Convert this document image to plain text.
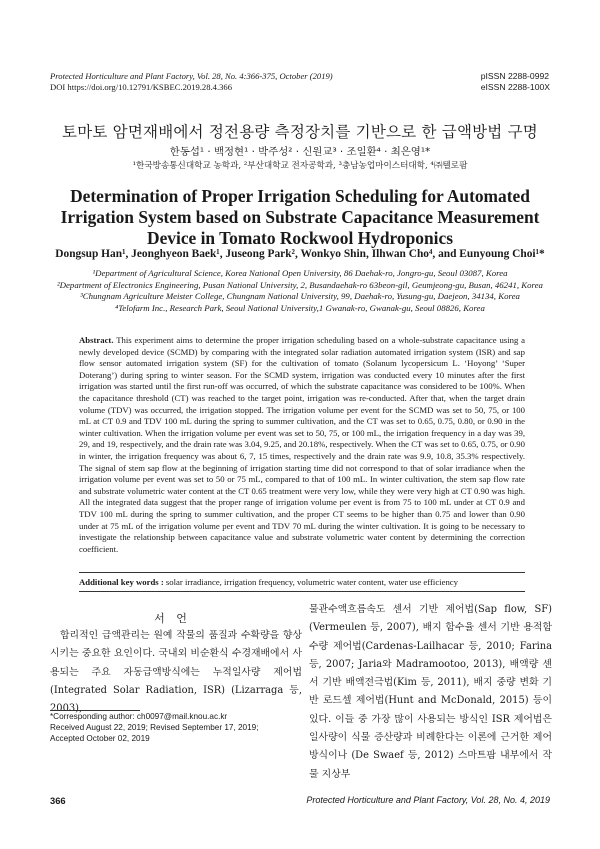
Protected Horticulture and Plant Factory, Vol. 28, No. 4:366-375, October (2019)
DOI https://doi.org/10.12791/KSBEC.2019.28.4.366
pISSN 2288-0992
eISSN 2288-100X
토마토 암면재배에서 정전용량 측정장치를 기반으로 한 급액방법 구명
한동섭¹ · 백정현¹ · 박주성² · 신원교³ · 조일환⁴ · 최은영¹*
¹한국방송통신대학교 농학과, ²부산대학교 전자공학과, ³충남농업마이스터대학, ⁴㈜텔로팜
Determination of Proper Irrigation Scheduling for Automated Irrigation System based on Substrate Capacitance Measurement Device in Tomato Rockwool Hydroponics
Dongsup Han¹, Jeonghyeon Baek¹, Juseong Park², Wonkyo Shin, Ilhwan Cho⁴, and Eunyoung Choi¹*
¹Department of Agricultural Science, Korea National Open University, 86 Daehak-ro, Jongro-gu, Seoul 03087, Korea
²Department of Electronics Engineering, Pusan National University, 2, Busandaehak-ro 63beon-gil, Geumjeong-gu, Busan, 46241, Korea
³Chungnam Agriculture Meister College, Chungnam National University, 99, Daehak-ro, Yusung-gu, Daejeon, 34134, Korea
⁴Telofarm Inc., Research Park, Seoul National University,1 Gwanak-ro, Gwanak-gu, Seoul 08826, Korea
Abstract. This experiment aims to determine the proper irrigation scheduling based on a whole-substrate capacitance using a newly developed device (SCMD) by comparing with the integrated solar radiation automated irrigation system (ISR) and sap flow sensor automated irrigation system (SF) for the cultivation of tomato (Solanum lycopersicum L. ‘Hoyong’ ‘Super Doterang’) during spring to winter season. For the SCMD system, irrigation was conducted every 10 minutes after the first irrigation was started until the first run-off was occurred, of which the substrate capacitance was considered to be 100%. When the capacitance threshold (CT) was reached to the target point, irrigation was re-conducted. After that, when the target drain volume (TDV) was occurred, the irrigation stopped. The irrigation volume per event for the SCMD was set to 50, 75, or 100 mL at CT 0.9 and TDV 100 mL during the spring to summer cultivation, and the CT was set to 0.65, 0.75, 0.80, or 0.90 in the winter cultivation. When the irrigation volume per event was set to 50, 75, or 100 mL, the irrigation frequency in a day was 39, 29, and 19, respectively, and the drain rate was 3.04, 9.25, and 20.18%, respectively. When the CT was set to 0.65, 0.75, or 0.90 in winter, the irrigation frequency was about 6, 7, 15 times, respectively and the drain rate was 9.9, 10.8, 35.3% respectively. The signal of stem sap flow at the beginning of irrigation starting time did not correspond to that of solar irradiance when the irrigation volume per event was set to 50 or 75 mL, compared to that of 100 mL. In winter cultivation, the stem sap flow rate and substrate volumetric water content at the CT 0.65 treatment were very low, while they were very high at CT 0.90 was high. All the integrated data suggest that the proper range of irrigation volume per event is from 75 to 100 mL under at CT 0.9 and TDV 100 mL during the spring to summer cultivation, and the proper CT seems to be higher than 0.75 and lower than 0.90 under at 75 mL of the irrigation volume per event and TDV 70 mL during the winter cultivation. It is going to be necessary to investigate the relationship between capacitance value and substrate volumetric water content by determining the correction coefficient.
Additional key words : solar irradiance, irrigation frequency, volumetric water content, water use efficiency
서 언

합리적인 급액관리는 원예 작물의 품질과 수확량을 향상시키는 중요한 요인이다. 국내외 비순환식 수경재배에서 사용되는 주요 자동급액방식에는 누적일사량 제어법(Integrated Solar Radiation, ISR) (Lizarraga 등, 2003),

물관수액흐름속도 센서 기반 제어법(Sap flow, SF) (Vermeulen 등, 2007), 배지 함수율 센서 기반 용적함수량 제어법(Cardenas-Lailhacar 등, 2010; Farina 등, 2007; Jaria와 Madramootoo, 2013), 배액량 센서 기반 배액전극법(Kim 등, 2011), 배지 중량 변화 기반 로드셀 제어법(Hunt and McDonald, 2015) 등이 있다. 이들 중 가장 많이 사용되는 방식인 ISR 제어법은 일사량이 식물 증산량과 비례한다는 이론에 근거한 제어방식이나 (De Swaef 등, 2012) 스마트팜 내부에서 작물 지상부

*Corresponding author: ch0097@mail.knou.ac.kr
Received August 22, 2019; Revised September 17, 2019;
Accepted October 02, 2019
366	Protected Horticulture and Plant Factory, Vol. 28, No. 4, 2019
